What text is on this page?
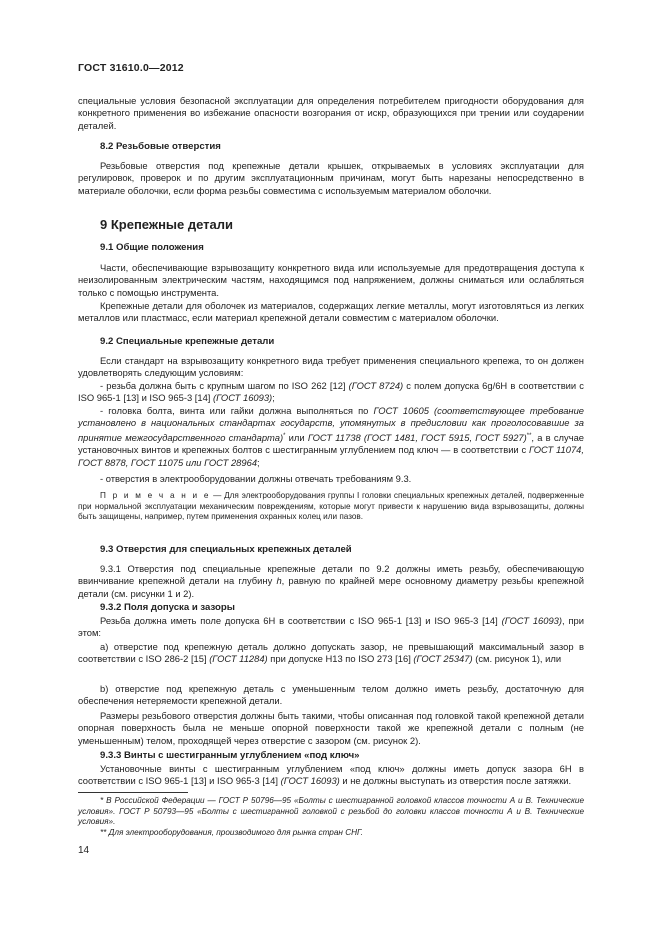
ГОСТ 31610.0—2012
специальные условия безопасной эксплуатации для определения потребителем пригодности оборудования для конкретного применения во избежание опасности возгорания от искр, образующихся при трении или соударении деталей.
8.2 Резьбовые отверстия
Резьбовые отверстия под крепежные детали крышек, открываемых в условиях эксплуатации для регулировок, проверок и по другим эксплуатационным причинам, могут быть нарезаны непосредственно в материале оболочки, если форма резьбы совместима с используемым материалом оболочки.
9 Крепежные детали
9.1 Общие положения
Части, обеспечивающие взрывозащиту конкретного вида или используемые для предотвращения доступа к неизолированным электрическим частям, находящимся под напряжением, должны сниматься или ослабляться только с помощью инструмента.
Крепежные детали для оболочек из материалов, содержащих легкие металлы, могут изготовляться из легких металлов или пластмасс, если материал крепежной детали совместим с материалом оболочки.
9.2 Специальные крепежные детали
Если стандарт на взрывозащиту конкретного вида требует применения специального крепежа, то он должен удовлетворять следующим условиям:
- резьба должна быть с крупным шагом по ISO 262 [12] (ГОСТ 8724) с полем допуска 6g/6H в соответствии с ISO 965-1 [13] и ISO 965-3 [14] (ГОСТ 16093);
- головка болта, винта или гайки должна выполняться по ГОСТ 10605 (соответствующее требование установлено в национальных стандартах государств, упомянутых в предисловии как проголосовавшие за принятие межгосударственного стандарта)* или ГОСТ 11738 (ГОСТ 1481, ГОСТ 5915, ГОСТ 5927)**, а в случае установочных винтов и крепежных болтов с шестигранным углублением под ключ — в соответствии с ГОСТ 11074, ГОСТ 8878, ГОСТ 11075 или ГОСТ 28964;
- отверстия в электрооборудовании должны отвечать требованиям 9.3.
П р и м е ч а н и е — Для электрооборудования группы I головки специальных крепежных деталей, подверженные при нормальной эксплуатации механическим повреждениям, которые могут привести к нарушению вида взрывозащиты, должны быть защищены, например, путем применения охранных колец или пазов.
9.3 Отверстия для специальных крепежных деталей
9.3.1 Отверстия под специальные крепежные детали по 9.2 должны иметь резьбу, обеспечивающую ввинчивание крепежной детали на глубину h, равную по крайней мере основному диаметру резьбы крепежной детали (см. рисунки 1 и 2).
9.3.2 Поля допуска и зазоры
Резьба должна иметь поле допуска 6H в соответствии с ISO 965-1 [13] и ISO 965-3 [14] (ГОСТ 16093), при этом:
a) отверстие под крепежную деталь должно допускать зазор, не превышающий максимальный зазор в соответствии с ISO 286-2 [15] (ГОСТ 11284) при допуске H13 по ISO 273 [16] (ГОСТ 25347) (см. рисунок 1), или
b) отверстие под крепежную деталь с уменьшенным телом должно иметь резьбу, достаточную для обеспечения нетеряемости крепежной детали.
Размеры резьбового отверстия должны быть такими, чтобы описанная под головкой такой крепежной детали опорная поверхность была не меньше опорной поверхности такой же крепежной детали с полным (не уменьшенным) телом, проходящей через отверстие с зазором (см. рисунок 2).
9.3.3 Винты с шестигранным углублением «под ключ»
Установочные винты с шестигранным углублением «под ключ» должны иметь допуск зазора 6H в соответствии с ISO 965-1 [13] и ISO 965-3 [14] (ГОСТ 16093) и не должны выступать из отверстия после затяжки.
* В Российской Федерации — ГОСТ Р 50796—95 «Болты с шестигранной головкой классов точности А и В. Технические условия». ГОСТ Р 50793—95 «Болты с шестигранной головкой с резьбой до головки классов точности А и В. Технические условия».
** Для электрооборудования, производимого для рынка стран СНГ.
14
